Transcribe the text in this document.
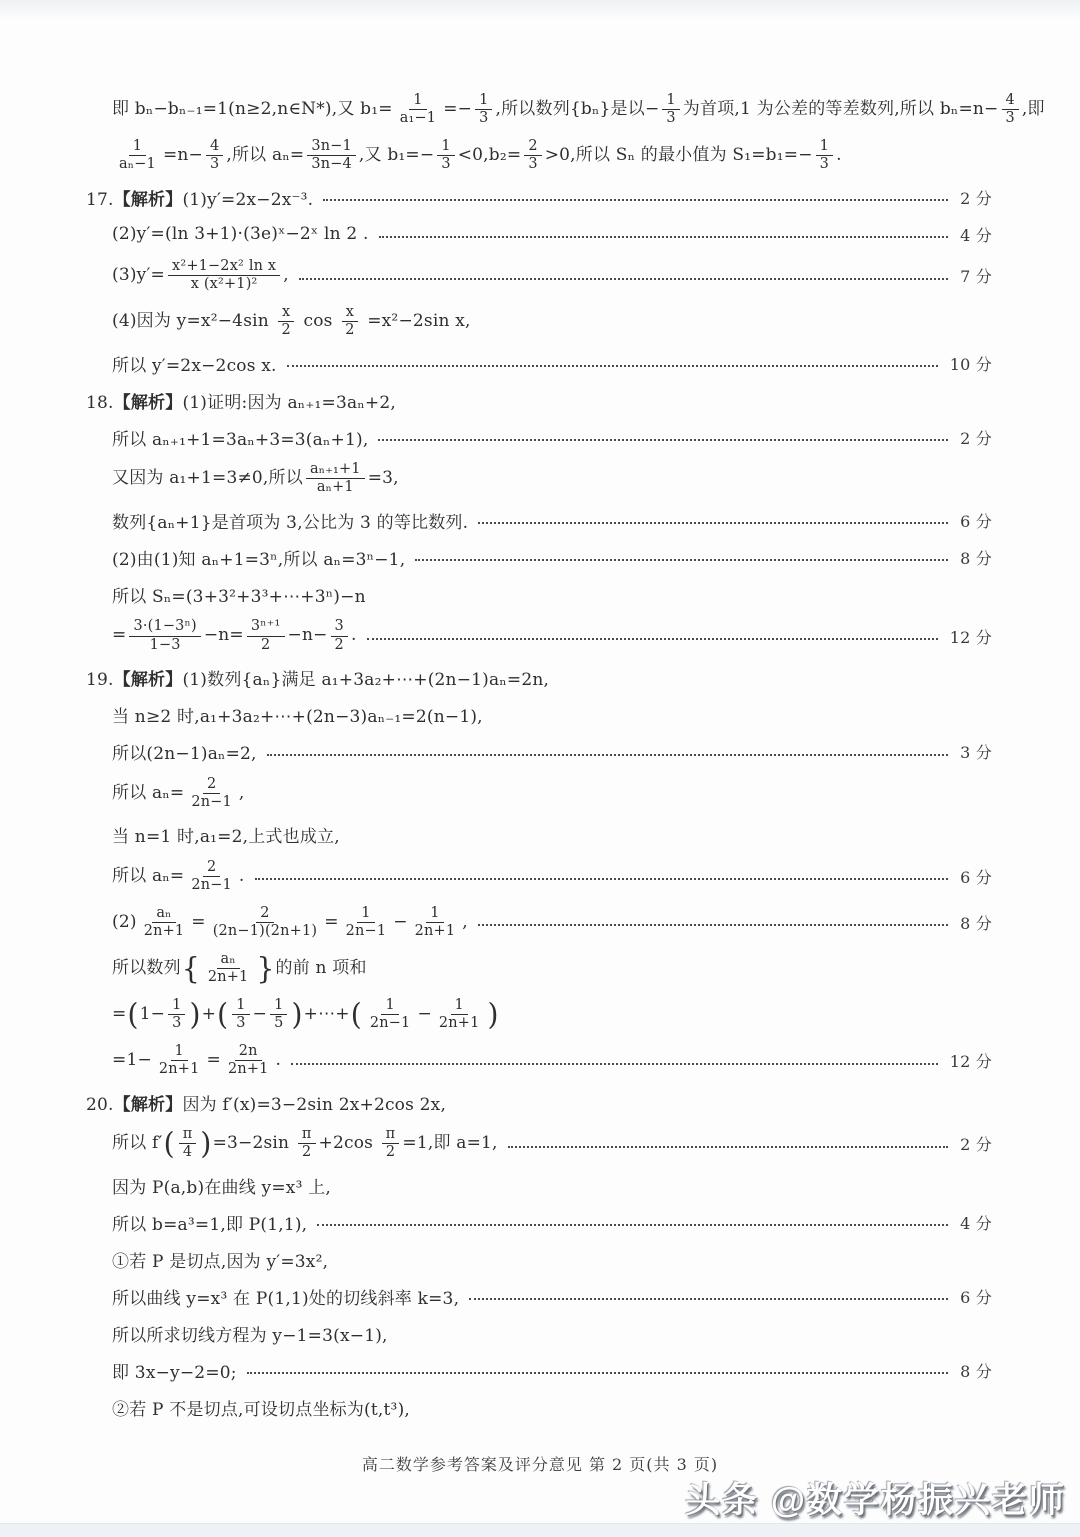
即 bₙ−bₙ₋₁=1(n≥2,n∈N*),又 $b_1= \frac{1}{\text{a₁−1}} =- \frac{1}{3}$ ,所以数列{bₙ}是以− $\frac{1}{3}$ 为首项,1 为公差的等差数列,所以 $b_n=n- \frac{4}{3}$ ,即
$\frac{1}{\text{aₙ−1}} =n- \frac{4}{3}$ ,所以 $a_n= \frac{3n-1}{3n-4}$ ,又 $b_1=- \frac{1}{3} <0,b_2= \frac{2}{3} >0$,所以 Sₙ 的最小值为 $S_1=b_1=- \frac{1}{3}$ .
17.【解析】(1)y′=2x−2x⁻³.	2 分
(2)y′=(ln 3+1)·(3e)ˣ−2ˣ ln 2 .	4 分
$(3)y'= \frac{\text{x²+1−2x² ln x}}{\text{x (x²+1)²}}$ ,	7 分
(4)因为 $y=x^2-4\sin \frac{x}{2}$ $\cos \frac{x}{2} =x^2-2\sin$ x,
所以 y′=2x−2cos x.	10 分
18.【解析】(1)证明:因为 aₙ₊₁=3aₙ+2,
所以 aₙ₊₁+1=3aₙ+3=3(aₙ+1),	2 分
又因为 a₁+1=3≠0,所以 $\frac{\text{aₙ₊₁+1}}{\text{aₙ+1}} =3$,
数列{aₙ+1}是首项为 3,公比为 3 的等比数列.	6 分
(2)由(1)知 aₙ+1=3ⁿ,所以 aₙ=3ⁿ−1,	8 分
所以 Sₙ=(3+3²+3³+⋯+3ⁿ)−n
= $\frac{\text{3·(1−3ⁿ)}}{1-3} -n= \frac{\text{3ⁿ⁺¹}}{2} -n- \frac{3}{2}$ .	12 分
19.【解析】(1)数列{aₙ}满足 a₁+3a₂+⋯+(2n−1)aₙ=2n,
当 n≥2 时,a₁+3a₂+⋯+(2n−3)aₙ₋₁=2(n−1),
所以(2n−1)aₙ=2,	3 分
所以 $a_n= \frac{2}{2n-1}$ ,
当 n=1 时,a₁=2,上式也成立,
所以 $a_n= \frac{2}{2n-1}$ .	6 分
$(2) \frac{\text{aₙ}}{2n+1} = \frac{2}{(2n-1)(2n+1)} = \frac{1}{2n-1} - \frac{1}{2n+1}$ ,	8 分
所以数列{ $\frac{\text{aₙ}}{2n+1}$ }的前 n 项和
$=(1- \frac{1}{3}$ )+( $\frac{1}{3} - \frac{1}{5}$ )+⋯+( $\frac{1}{2n-1} - \frac{1}{2n+1}$ )
$=1- \frac{1}{2n+1} = \frac{2n}{2n+1}$ .	12 分
20.【解析】因为 f′(x)=3−2sin 2x+2cos 2x,
所以 $f'( \frac{\pi}{4} )=3-2\sin \frac{\pi}{2} +2\cos \frac{\pi}{2} =1$,即 a=1,	2 分
因为 P(a,b)在曲线 y=x³ 上,
所以 b=a³=1,即 P(1,1),	4 分
①若 P 是切点,因为 y′=3x²,
所以曲线 y=x³ 在 P(1,1)处的切线斜率 k=3,	6 分
所以所求切线方程为 y−1=3(x−1),
即 3x−y−2=0;	8 分
②若 P 不是切点,可设切点坐标为(t,t³),
高二数学参考答案及评分意见 第 2 页(共 3 页)
头条 @数学杨振兴老师
